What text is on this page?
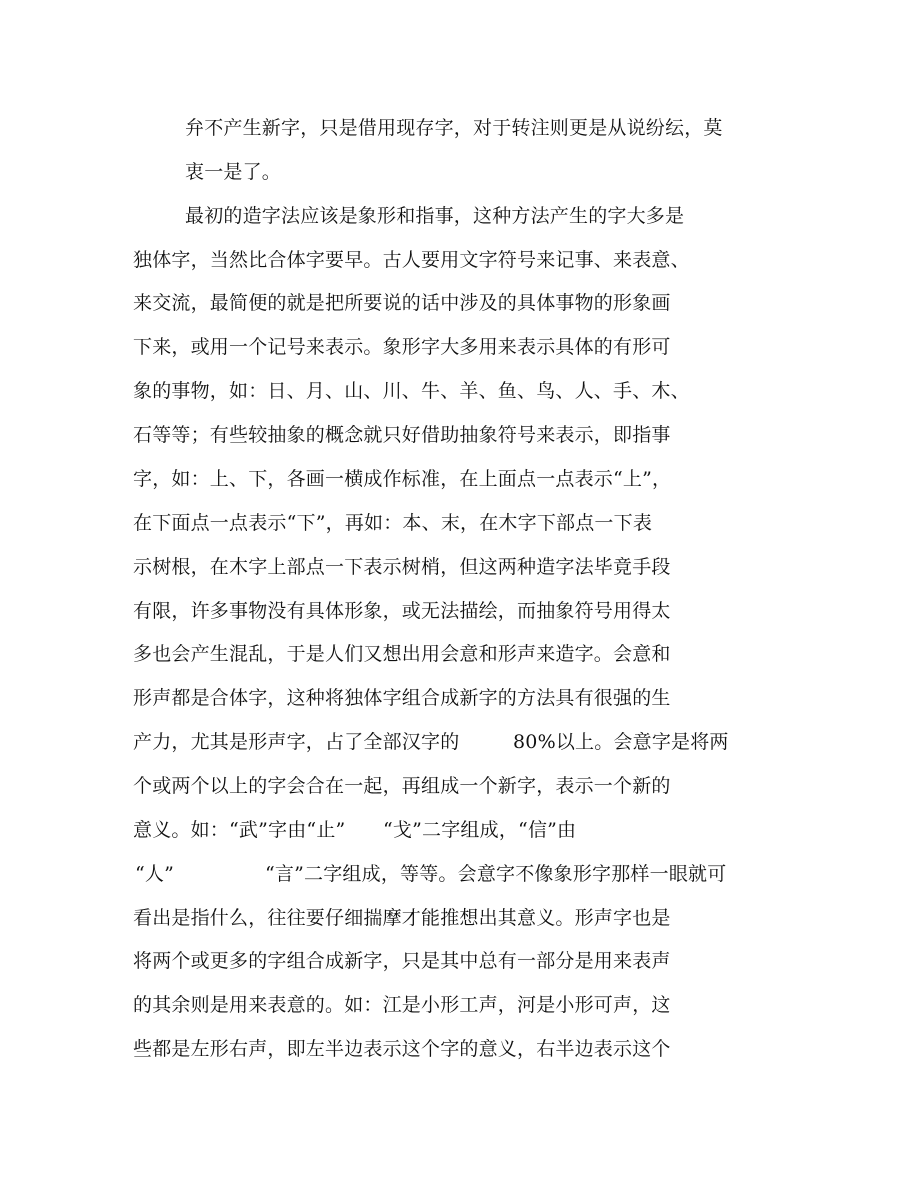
弁不产生新字，只是借用现存字，对于转注则更是从说纷纭，莫
衷一是了。
最初的造字法应该是象形和指事，这种方法产生的字大多是
独体字，当然比合体字要早。古人要用文字符号来记事、来表意、
来交流，最简便的就是把所要说的话中涉及的具体事物的形象画
下来，或用一个记号来表示。象形字大多用来表示具体的有形可
象的事物，如：日、月、山、川、牛、羊、鱼、鸟、人、手、木、
石等等；有些较抽象的概念就只好借助抽象符号来表示，即指事
字，如：上、下，各画一横成作标准，在上面点一点表示“上”，
在下面点一点表示“下”，再如：本、末，在木字下部点一下表
示树根，在木字上部点一下表示树梢，但这两种造字法毕竟手段
有限，许多事物没有具体形象，或无法描绘，而抽象符号用得太
多也会产生混乱，于是人们又想出用会意和形声来造字。会意和
形声都是合体字，这种将独体字组合成新字的方法具有很强的生
产力，尤其是形声字，占了全部汉字的	80%以上。会意字是将两
个或两个以上的字会合在一起，再组成一个新字，表示一个新的
意义。如：“武”字由“止” “戈”二字组成，“信”由
“人”	“言”二字组成，等等。会意字不像象形字那样一眼就可
看出是指什么，往往要仔细揣摩才能推想出其意义。形声字也是
将两个或更多的字组合成新字，只是其中总有一部分是用来表声
的其余则是用来表意的。如：江是小形工声，河是小形可声，这
些都是左形右声，即左半边表示这个字的意义，右半边表示这个
